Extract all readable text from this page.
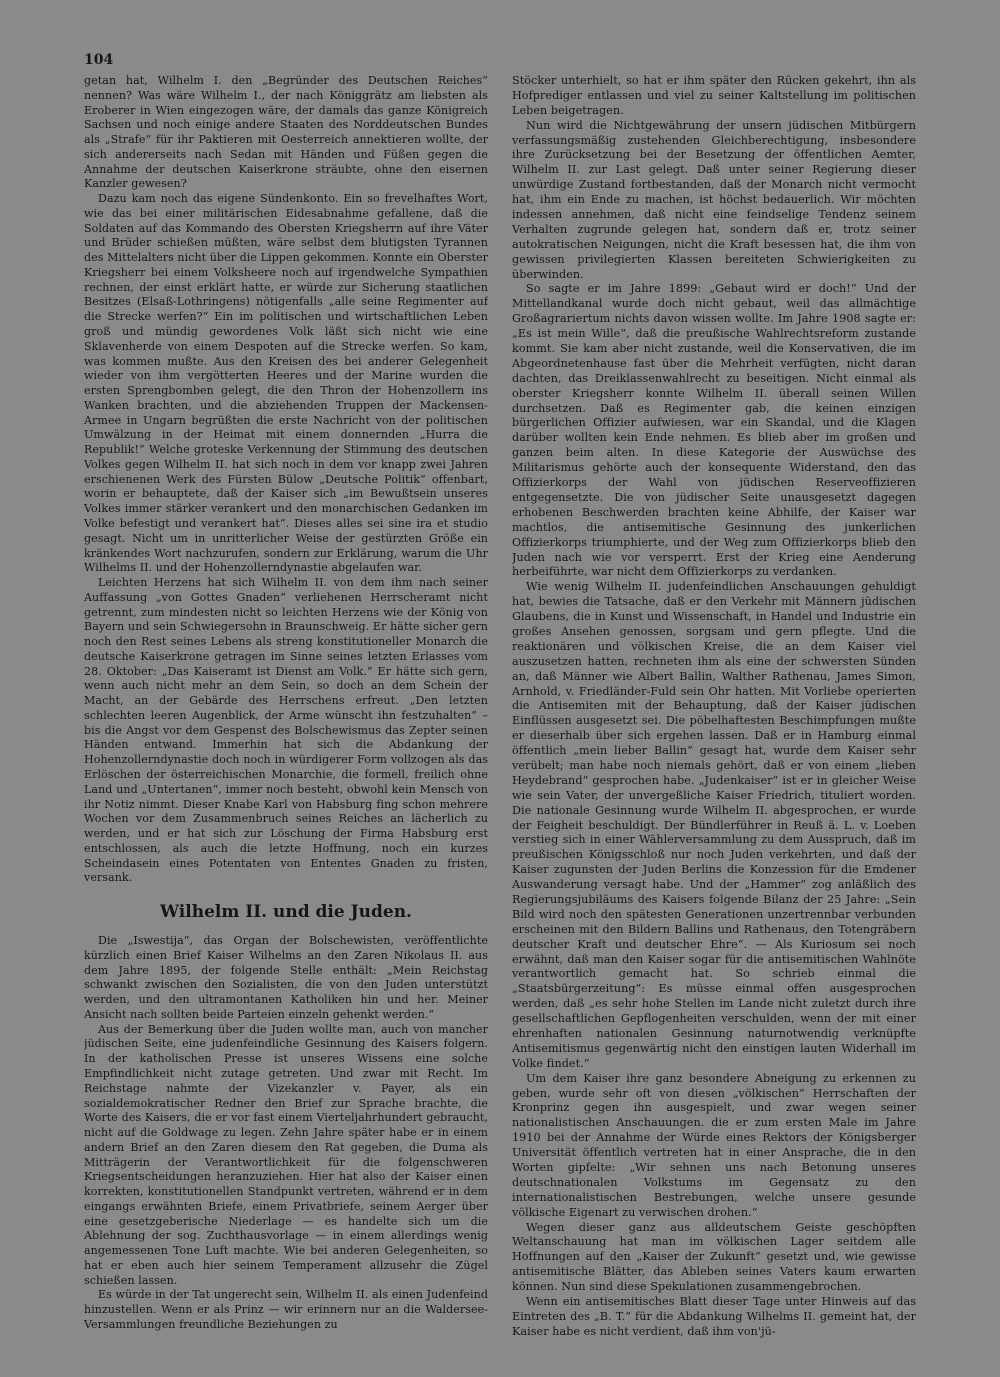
104

getan hat, Wilhelm I. den „Begründer des Deutschen Reiches“ nennen? Was wäre Wilhelm I., der nach Königgrätz am liebsten als Eroberer in Wien eingezogen wäre, der damals das ganze Königreich Sachsen und noch einige andere Staaten des Norddeutschen Bundes als „Strafe“ für ihr Paktieren mit Oesterreich annektieren wollte, der sich andererseits nach Sedan mit Händen und Füßen gegen die Annahme der deutschen Kaiserkrone sträubte, ohne den eisernen Kanzler gewesen?

Dazu kam noch das eigene Sündenkonto. Ein so frevelhaftes Wort, wie das bei einer militärischen Eidesabnahme gefallene, daß die Soldaten auf das Kommando des Obersten Kriegsherrn auf ihre Väter und Brüder schießen müßten, wäre selbst dem blutigsten Tyrannen des Mittelalters nicht über die Lippen gekommen. Konnte ein Oberster Kriegsherr bei einem Volksheere noch auf irgendwelche Sympathien rechnen, der einst erklärt hatte, er würde zur Sicherung staatlichen Besitzes (Elsaß-Lothringens) nötigenfalls „alle seine Regimenter auf die Strecke werfen?“ Ein im politischen und wirtschaftlichen Leben groß und mündig gewordenes Volk läßt sich nicht wie eine Sklavenherde von einem Despoten auf die Strecke werfen. So kam, was kommen mußte. Aus den Kreisen des bei anderer Gelegenheit wieder von ihm vergötterten Heeres und der Marine wurden die ersten Sprengbomben gelegt, die den Thron der Hohenzollern ins Wanken brachten, und die abziehenden Truppen der Mackensen-Armee in Ungarn begrüßten die erste Nachricht von der politischen Umwälzung in der Heimat mit einem donnernden „Hurra die Republik!“ Welche groteske Verkennung der Stimmung des deutschen Volkes gegen Wilhelm II. hat sich noch in dem vor knapp zwei Jahren erschienenen Werk des Fürsten Bülow „Deutsche Politik“ offenbart, worin er behauptete, daß der Kaiser sich „im Bewußtsein unseres Volkes immer stärker verankert und den monarchischen Gedanken im Volke befestigt und verankert hat“. Dieses alles sei sine ira et studio gesagt. Nicht um in unritterlicher Weise der gestürzten Größe ein kränkendes Wort nachzurufen, sondern zur Erklärung, warum die Uhr Wilhelms II. und der Hohenzollerndynastie abgelaufen war.

Leichten Herzens hat sich Wilhelm II. von dem ihm nach seiner Auffassung „von Gottes Gnaden“ verliehenen Herrscheramt nicht getrennt, zum mindesten nicht so leichten Herzens wie der König von Bayern und sein Schwiegersohn in Braunschweig. Er hätte sicher gern noch den Rest seines Lebens als streng konstitutioneller Monarch die deutsche Kaiserkrone getragen im Sinne seines letzten Erlasses vom 28. Oktober: „Das Kaiseramt ist Dienst am Volk.“ Er hätte sich gern, wenn auch nicht mehr an dem Sein, so doch an dem Schein der Macht, an der Gebärde des Herrschens erfreut. „Den letzten schlechten leeren Augenblick, der Arme wünscht ihn festzuhalten“ – bis die Angst vor dem Gespenst des Bolschewismus das Zepter seinen Händen entwand. Immerhin hat sich die Abdankung der Hohenzollerndynastie doch noch in würdigerer Form vollzogen als das Erlöschen der österreichischen Monarchie, die formell, freilich ohne Land und „Untertanen“, immer noch besteht, obwohl kein Mensch von ihr Notiz nimmt. Dieser Knabe Karl von Habsburg fing schon mehrere Wochen vor dem Zusammenbruch seines Reiches an lächerlich zu werden, und er hat sich zur Löschung der Firma Habsburg erst entschlossen, als auch die letzte Hoffnung, noch ein kurzes Scheindasein eines Potentaten von Ententes Gnaden zu fristen, versank.

Wilhelm II. und die Juden.

Die „Iswestija“, das Organ der Bolschewisten, veröffentlichte kürzlich einen Brief Kaiser Wilhelms an den Zaren Nikolaus II. aus dem Jahre 1895, der folgende Stelle enthält: „Mein Reichstag schwankt zwischen den Sozialisten, die von den Juden unterstützt werden, und den ultramontanen Katholiken hin und her. Meiner Ansicht nach sollten beide Parteien einzeln gehenkt werden.“

Aus der Bemerkung über die Juden wollte man, auch von mancher jüdischen Seite, eine judenfeindliche Gesinnung des Kaisers folgern. In der katholischen Presse ist unseres Wissens eine solche Empfindlichkeit nicht zutage getreten. Und zwar mit Recht. Im Reichstage nahmte der Vizekanzler v. Payer, als ein sozialdemokratischer Redner den Brief zur Sprache brachte, die Worte des Kaisers, die er vor fast einem Vierteljahrhundert gebraucht, nicht auf die Goldwage zu legen. Zehn Jahre später habe er in einem andern Brief an den Zaren diesem den Rat gegeben, die Duma als Mitträgerin der Verantwortlichkeit für die folgenschweren Kriegsentscheidungen heranzuziehen. Hier hat also der Kaiser einen korrekten, konstitutionellen Standpunkt vertreten, während er in dem eingangs erwähnten Briefe, einem Privatbriefe, seinem Aerger über eine gesetzgeberische Niederlage — es handelte sich um die Ablehnung der sog. Zuchthausvorlage — in einem allerdings wenig angemessenen Tone Luft machte. Wie bei anderen Gelegenheiten, so hat er eben auch hier seinem Temperament allzusehr die Zügel schießen lassen.

Es würde in der Tat ungerecht sein, Wilhelm II. als einen Judenfeind hinzustellen. Wenn er als Prinz — wir erinnern nur an die Waldersee-Versammlungen freundliche Beziehungen zu

Stöcker unterhielt, so hat er ihm später den Rücken gekehrt, ihn als Hofprediger entlassen und viel zu seiner Kaltstellung im politischen Leben beigetragen.

Nun wird die Nichtgewährung der unsern jüdischen Mitbürgern verfassungsmäßig zustehenden Gleichberechtigung, insbesondere ihre Zurücksetzung bei der Besetzung der öffentlichen Aemter, Wilhelm II. zur Last gelegt. Daß unter seiner Regierung dieser unwürdige Zustand fortbestanden, daß der Monarch nicht vermocht hat, ihm ein Ende zu machen, ist höchst bedauerlich. Wir möchten indessen annehmen, daß nicht eine feindselige Tendenz seinem Verhalten zugrunde gelegen hat, sondern daß er, trotz seiner autokratischen Neigungen, nicht die Kraft besessen hat, die ihm von gewissen privilegierten Klassen bereiteten Schwierigkeiten zu überwinden.

So sagte er im Jahre 1899: „Gebaut wird er doch!“ Und der Mittellandkanal wurde doch nicht gebaut, weil das allmächtige Großagrariertum nichts davon wissen wollte. Im Jahre 1908 sagte er: „Es ist mein Wille“, daß die preußische Wahlrechtsreform zustande kommt. Sie kam aber nicht zustande, weil die Konservativen, die im Abgeordnetenhause fast über die Mehrheit verfügten, nicht daran dachten, das Dreiklassenwahlrecht zu beseitigen. Nicht einmal als oberster Kriegsherr konnte Wilhelm II. überall seinen Willen durchsetzen. Daß es Regimenter gab, die keinen einzigen bürgerlichen Offizier aufwiesen, war ein Skandal, und die Klagen darüber wollten kein Ende nehmen. Es blieb aber im großen und ganzen beim alten. In diese Kategorie der Auswüchse des Militarismus gehörte auch der konsequente Widerstand, den das Offizierkorps der Wahl von jüdischen Reserveoffizieren entgegensetzte. Die von jüdischer Seite unausgesetzt dagegen erhobenen Beschwerden brachten keine Abhilfe, der Kaiser war machtlos, die antisemitische Gesinnung des junkerlichen Offizierkorps triumphierte, und der Weg zum Offizierkorps blieb den Juden nach wie vor versperrt. Erst der Krieg eine Aenderung herbeiführte, war nicht dem Offizierkorps zu verdanken.

Wie wenig Wilhelm II. judenfeindlichen Anschauungen gehuldigt hat, bewies die Tatsache, daß er den Verkehr mit Männern jüdischen Glaubens, die in Kunst und Wissenschaft, in Handel und Industrie ein großes Ansehen genossen, sorgsam und gern pflegte. Und die reaktionären und völkischen Kreise, die an dem Kaiser viel auszusetzen hatten, rechneten ihm als eine der schwersten Sünden an, daß Männer wie Albert Ballin, Walther Rathenau, James Simon, Arnhold, v. Friedländer-Fuld sein Ohr hatten. Mit Vorliebe operierten die Antisemiten mit der Behauptung, daß der Kaiser jüdischen Einflüssen ausgesetzt sei. Die pöbelhaftesten Beschimpfungen mußte er dieserhalb über sich ergehen lassen. Daß er in Hamburg einmal öffentlich „mein lieber Ballin“ gesagt hat, wurde dem Kaiser sehr verübelt; man habe noch niemals gehört, daß er von einem „lieben Heydebrand“ gesprochen habe. „Judenkaiser“ ist er in gleicher Weise wie sein Vater, der unvergeßliche Kaiser Friedrich, tituliert worden. Die nationale Gesinnung wurde Wilhelm II. abgesprochen, er wurde der Feigheit beschuldigt. Der Bündlerführer in Reuß ä. L. v. Loeben verstieg sich in einer Wählerversammlung zu dem Ausspruch, daß im preußischen Königsschloß nur noch Juden verkehrten, und daß der Kaiser zugunsten der Juden Berlins die Konzession für die Emdener Auswanderung versagt habe. Und der „Hammer“ zog anläßlich des Regierungsjubiläums des Kaisers folgende Bilanz der 25 Jahre: „Sein Bild wird noch den spätesten Generationen unzertrennbar verbunden erscheinen mit den Bildern Ballins und Rathenaus, den Totengräbern deutscher Kraft und deutscher Ehre“. — Als Kuriosum sei noch erwähnt, daß man den Kaiser sogar für die antisemitischen Wahlnöte verantwortlich gemacht hat. So schrieb einmal die „Staatsbürgerzeitung“: Es müsse einmal offen ausgesprochen werden, daß „es sehr hohe Stellen im Lande nicht zuletzt durch ihre gesellschaftlichen Gepflogenheiten verschulden, wenn der mit einer ehrenhaften nationalen Gesinnung naturnotwendig verknüpfte Antisemitismus gegenwärtig nicht den einstigen lauten Widerhall im Volke findet.“

Um dem Kaiser ihre ganz besondere Abneigung zu erkennen zu geben, wurde sehr oft von diesen „völkischen“ Herrschaften der Kronprinz gegen ihn ausgespielt, und zwar wegen seiner nationalistischen Anschauungen. die er zum ersten Male im Jahre 1910 bei der Annahme der Würde eines Rektors der Königsberger Universität öffentlich vertreten hat in einer Ansprache, die in den Worten gipfelte: „Wir sehnen uns nach Betonung unseres deutschnationalen Volkstums im Gegensatz zu den internationalistischen Bestrebungen, welche unsere gesunde völkische Eigenart zu verwischen drohen.“

Wegen dieser ganz aus alldeutschem Geiste geschöpften Weltanschauung hat man im völkischen Lager seitdem alle Hoffnungen auf den „Kaiser der Zukunft“ gesetzt und, wie gewisse antisemitische Blätter, das Ableben seines Vaters kaum erwarten können. Nun sind diese Spekulationen zusammengebrochen.

Wenn ein antisemitisches Blatt dieser Tage unter Hinweis auf das Eintreten des „B. T.“ für die Abdankung Wilhelms II. gemeint hat, der Kaiser habe es nicht verdient, daß ihm von'jü-
